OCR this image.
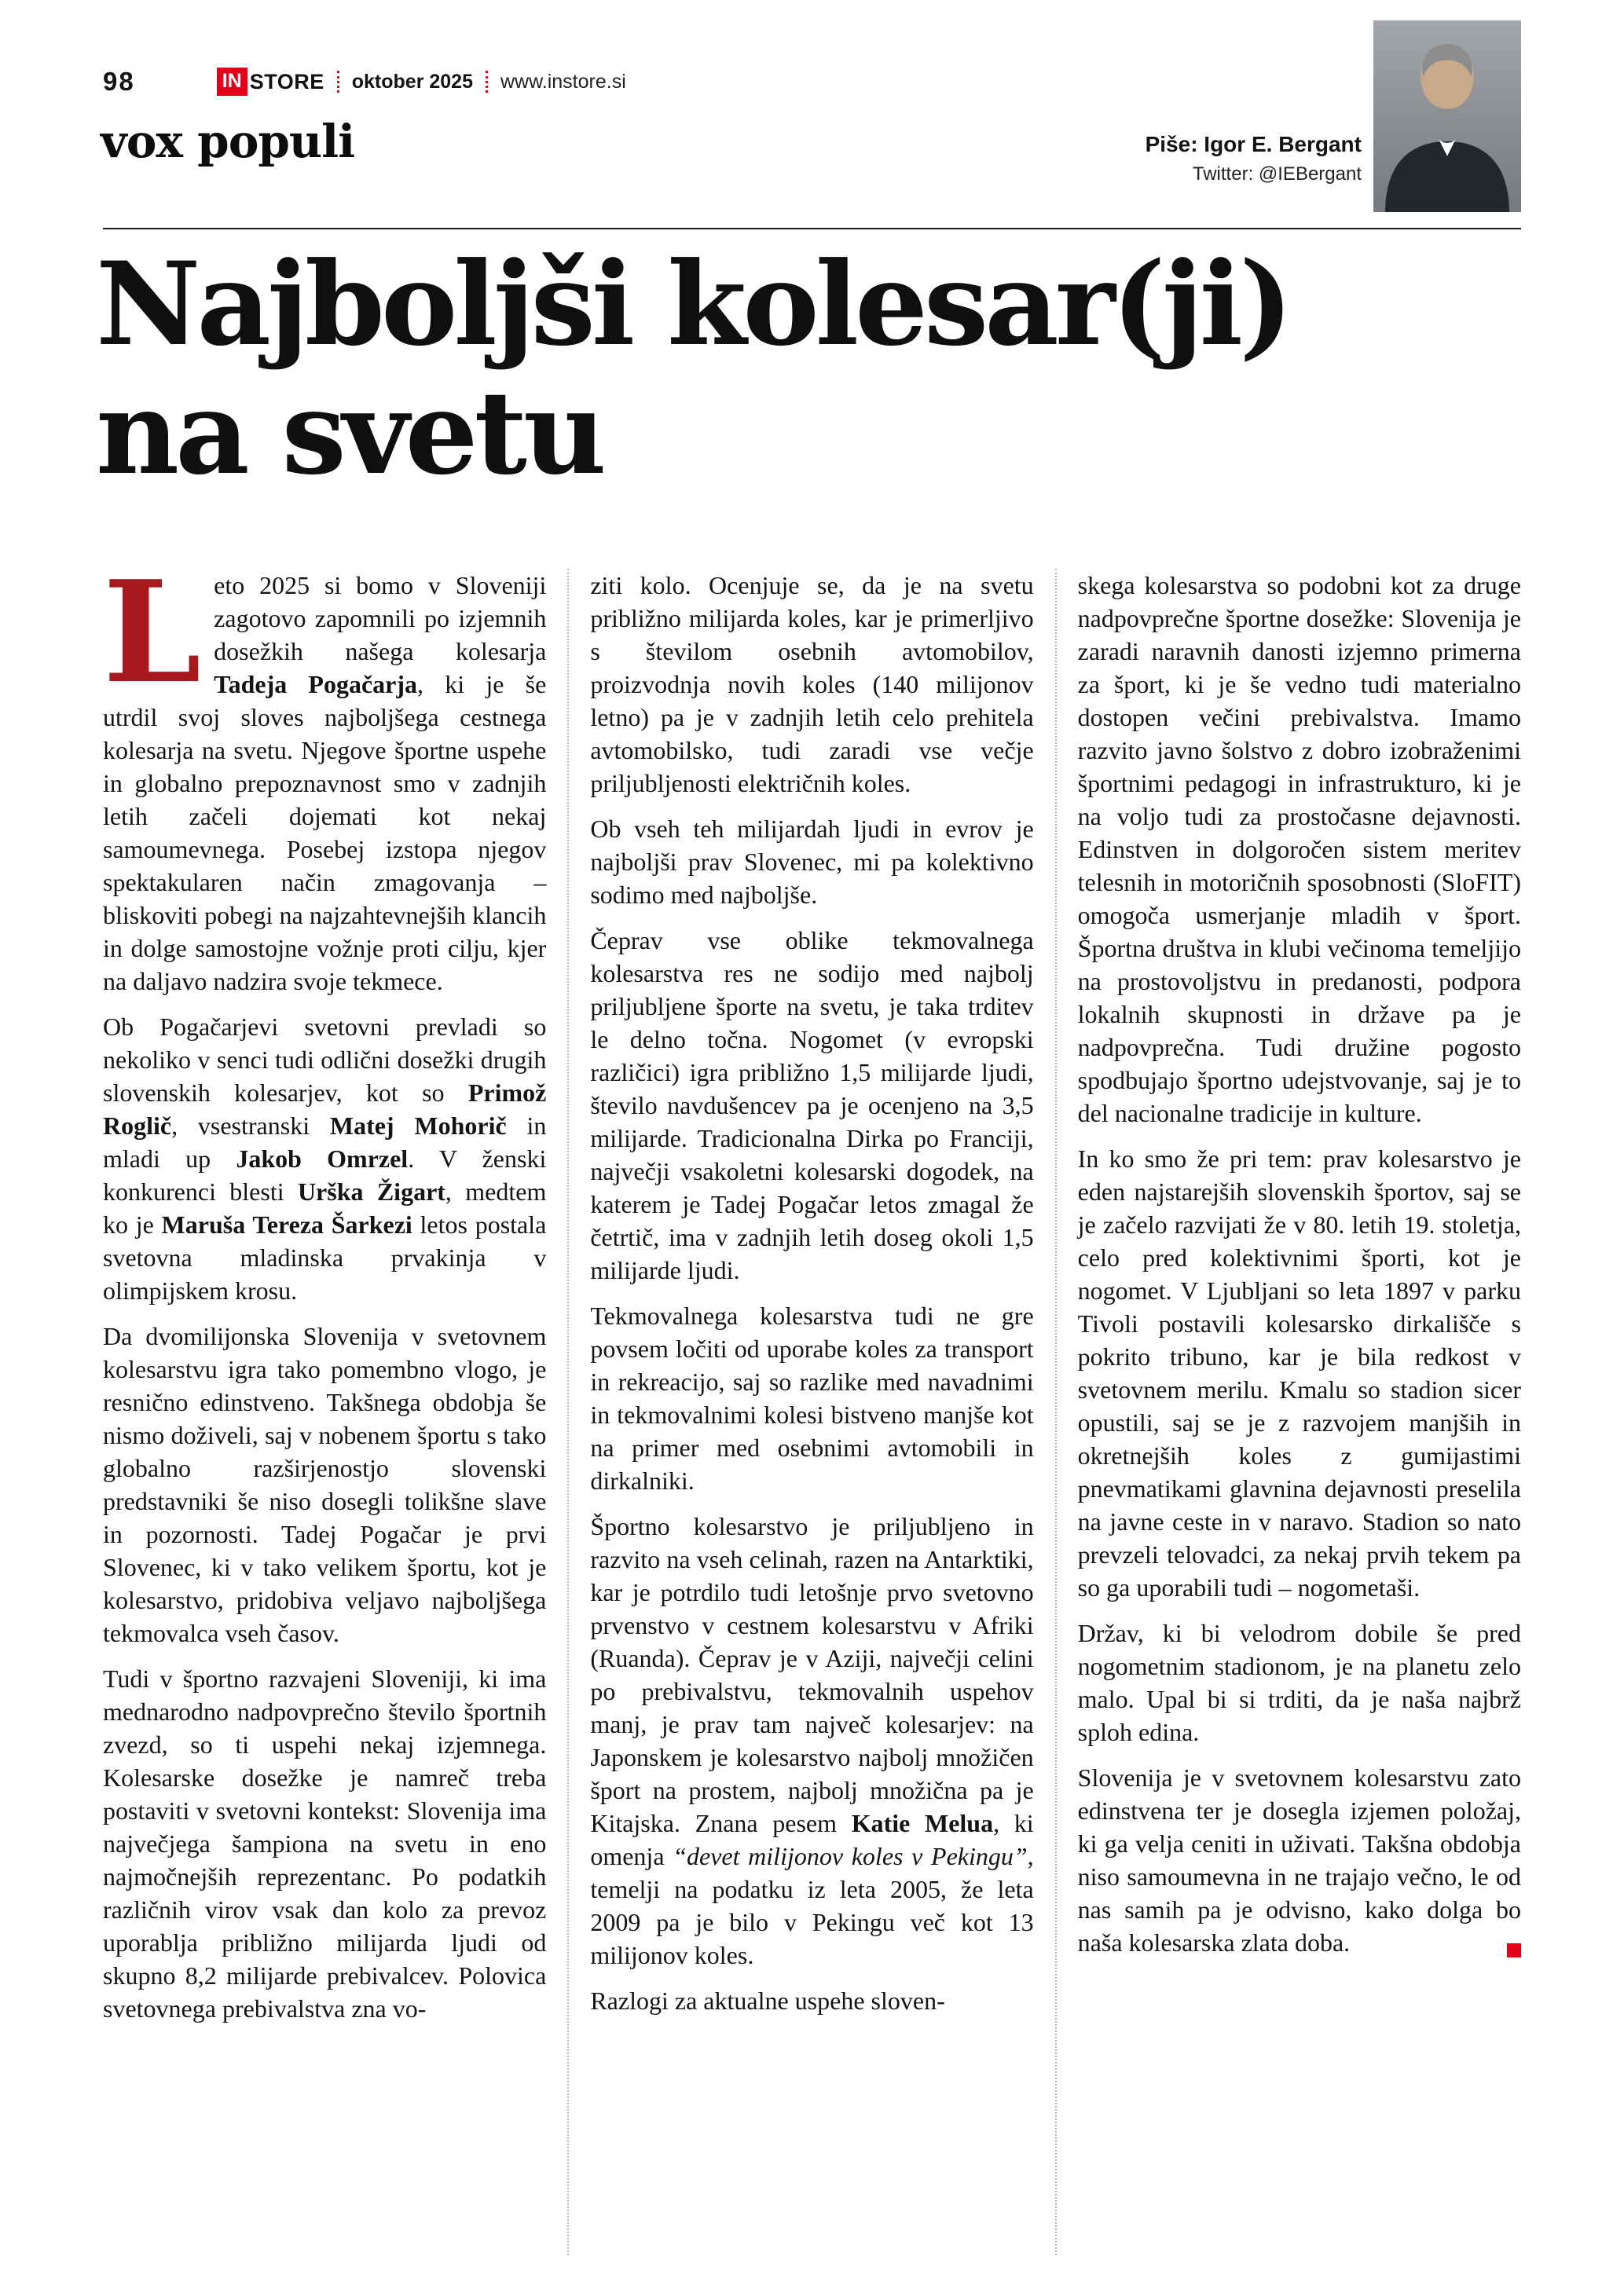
98	IN STORE oktober 2025 www.instore.si
vox populi	Piše: Igor E. Bergant
Twitter: @IEBergant
Najboljši kolesar(ji)
na svetu

Leto 2025 si bomo v Sloveniji zagotovo zapomnili po izjemnih dosežkih našega kolesarja Tadeja Pogačarja, ki je še utrdil svoj sloves najboljšega cestnega kolesarja na svetu. Njegove športne uspehe in globalno prepoznavnost smo v zadnjih letih začeli dojemati kot nekaj samoumevnega. Posebej izstopa njegov spektakularen način zmagovanja – bliskoviti pobegi na najzahtevnejših klancih in dolge samostojne vožnje proti cilju, kjer na daljavo nadzira svoje tekmece.

Ob Pogačarjevi svetovni prevladi so nekoliko v senci tudi odlični dosežki drugih slovenskih kolesarjev, kot so Primož Roglič, vsestranski Matej Mohorič in mladi up Jakob Omrzel. V ženski konkurenci blesti Urška Žigart, medtem ko je Maruša Tereza Šarkezi letos postala svetovna mladinska prvakinja v olimpijskem krosu.

Da dvomilijonska Slovenija v svetovnem kolesarstvu igra tako pomembno vlogo, je resnično edinstveno. Takšnega obdobja še nismo doživeli, saj v nobenem športu s tako globalno razširjenostjo slovenski predstavniki še niso dosegli tolikšne slave in pozornosti. Tadej Pogačar je prvi Slovenec, ki v tako velikem športu, kot je kolesarstvo, pridobiva veljavo najboljšega tekmovalca vseh časov.

Tudi v športno razvajeni Sloveniji, ki ima mednarodno nadpovprečno število športnih zvezd, so ti uspehi nekaj izjemnega. Kolesarske dosežke je namreč treba postaviti v svetovni kontekst: Slovenija ima največjega šampiona na svetu in eno najmočnejših reprezentanc. Po podatkih različnih virov vsak dan kolo za prevoz uporablja približno milijarda ljudi od skupno 8,2 milijarde prebivalcev. Polovica svetovnega prebivalstva zna vo-

ziti kolo. Ocenjuje se, da je na svetu približno milijarda koles, kar je primerljivo s številom osebnih avtomobilov, proizvodnja novih koles (140 milijonov letno) pa je v zadnjih letih celo prehitela avtomobilsko, tudi zaradi vse večje priljubljenosti električnih koles.

Ob vseh teh milijardah ljudi in evrov je najboljši prav Slovenec, mi pa kolektivno sodimo med najboljše.

Čeprav vse oblike tekmovalnega kolesarstva res ne sodijo med najbolj priljubljene športe na svetu, je taka trditev le delno točna. Nogomet (v evropski različici) igra približno 1,5 milijarde ljudi, število navdušencev pa je ocenjeno na 3,5 milijarde. Tradicionalna Dirka po Franciji, največji vsakoletni kolesarski dogodek, na katerem je Tadej Pogačar letos zmagal že četrtič, ima v zadnjih letih doseg okoli 1,5 milijarde ljudi.

Tekmovalnega kolesarstva tudi ne gre povsem ločiti od uporabe koles za transport in rekreacijo, saj so razlike med navadnimi in tekmovalnimi kolesi bistveno manjše kot na primer med osebnimi avtomobili in dirkalniki.

Športno kolesarstvo je priljubljeno in razvito na vseh celinah, razen na Antarktiki, kar je potrdilo tudi letošnje prvo svetovno prvenstvo v cestnem kolesarstvu v Afriki (Ruanda). Čeprav je v Aziji, največji celini po prebivalstvu, tekmovalnih uspehov manj, je prav tam največ kolesarjev: na Japonskem je kolesarstvo najbolj množičen šport na prostem, najbolj množična pa je Kitajska. Znana pesem Katie Melua, ki omenja “devet milijonov koles v Pekingu”, temelji na podatku iz leta 2005, že leta 2009 pa je bilo v Pekingu več kot 13 milijonov koles.

Razlogi za aktualne uspehe sloven-

skega kolesarstva so podobni kot za druge nadpovprečne športne dosežke: Slovenija je zaradi naravnih danosti izjemno primerna za šport, ki je še vedno tudi materialno dostopen večini prebivalstva. Imamo razvito javno šolstvo z dobro izobraženimi športnimi pedagogi in infrastrukturo, ki je na voljo tudi za prostočasne dejavnosti. Edinstven in dolgoročen sistem meritev telesnih in motoričnih sposobnosti (SloFIT) omogoča usmerjanje mladih v šport. Športna društva in klubi večinoma temeljijo na prostovoljstvu in predanosti, podpora lokalnih skupnosti in države pa je nadpovprečna. Tudi družine pogosto spodbujajo športno udejstvovanje, saj je to del nacionalne tradicije in kulture.

In ko smo že pri tem: prav kolesarstvo je eden najstarejših slovenskih športov, saj se je začelo razvijati že v 80. letih 19. stoletja, celo pred kolektivnimi športi, kot je nogomet. V Ljubljani so leta 1897 v parku Tivoli postavili kolesarsko dirkališče s pokrito tribuno, kar je bila redkost v svetovnem merilu. Kmalu so stadion sicer opustili, saj se je z razvojem manjših in okretnejših koles z gumijastimi pnevmatikami glavnina dejavnosti preselila na javne ceste in v naravo. Stadion so nato prevzeli telovadci, za nekaj prvih tekem pa so ga uporabili tudi – nogometaši.

Držav, ki bi velodrom dobile še pred nogometnim stadionom, je na planetu zelo malo. Upal bi si trditi, da je naša najbrž sploh edina.

Slovenija je v svetovnem kolesarstvu zato edinstvena ter je dosegla izjemen položaj, ki ga velja ceniti in uživati. Takšna obdobja niso samoumevna in ne trajajo večno, le od nas samih pa je odvisno, kako dolga bo naša kolesarska zlata doba.
